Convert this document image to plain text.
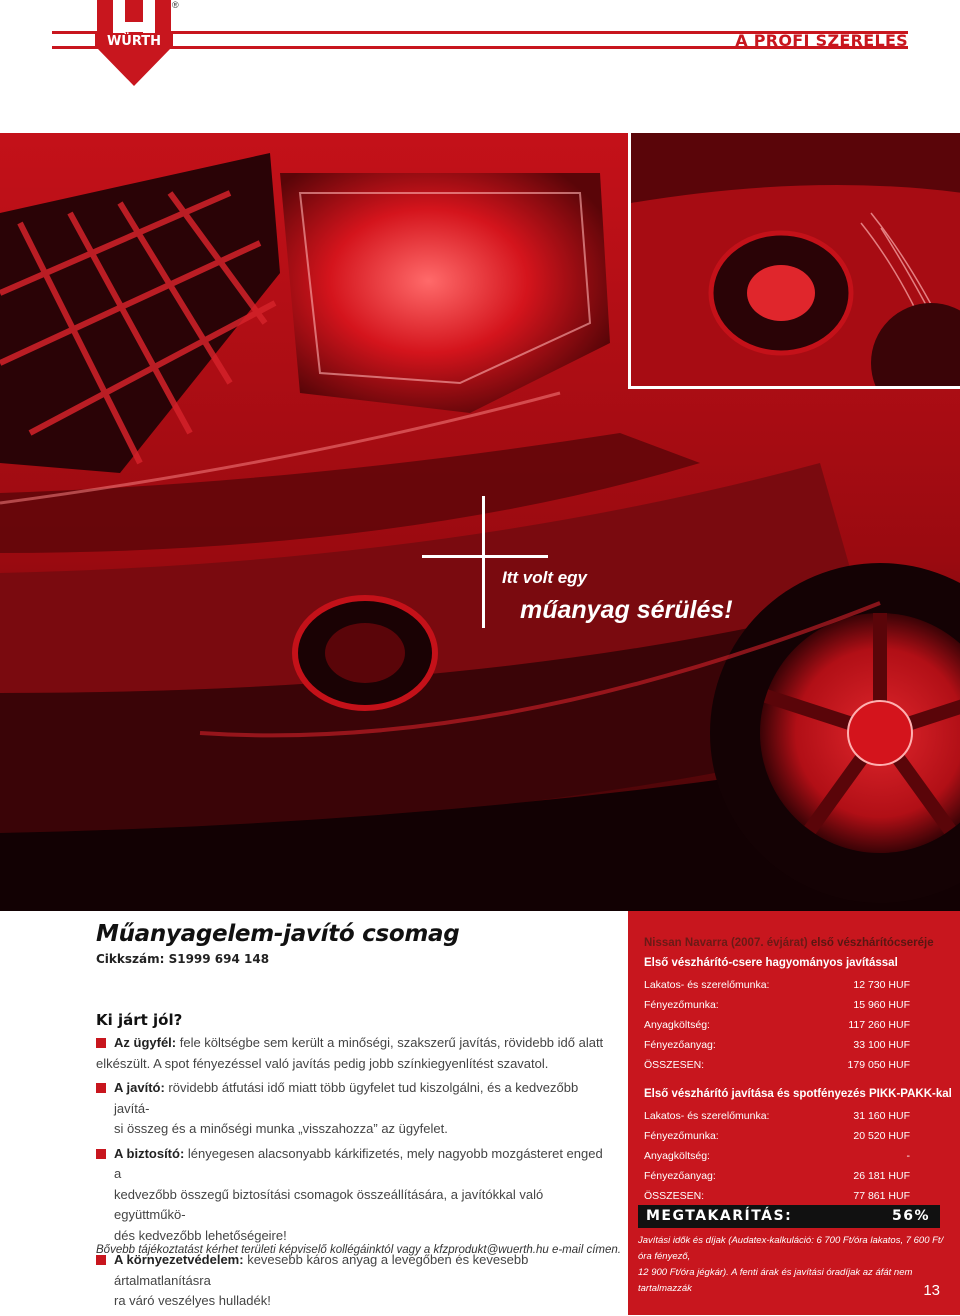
WÜRTH
®
A PROFI SZERELÉS
Itt volt egy
műanyag sérülés!
Műanyagelem-javító csomag
Cikkszám: S1999 694 148
Ki járt jól?
Az ügyfél: fele költségbe sem került a minőségi, szakszerű javítás, rövidebb idő alatt
elkészült. A spot fényezéssel való javítás pedig jobb színkiegyenlítést szavatol.
A javító: rövidebb átfutási idő miatt több ügyfelet tud kiszolgálni, és a kedvezőbb javítá-
si összeg és a minőségi munka „visszahozza” az ügyfelet.
A biztosító: lényegesen alacsonyabb kárkifizetés, mely nagyobb mozgásteret enged a
kedvezőbb összegű biztosítási csomagok összeállítására, a javítókkal való együttműkö-
dés kedvezőbb lehetőségeire!
A környezetvédelem: kevesebb káros anyag a levegőben és kevesebb ártalmatlanításra
ra váró veszélyes hulladék!
Bővebb tájékoztatást kérhet területi képviselő kollégáinktól vagy a kfzprodukt@wuerth.hu e-mail címen.
Nissan Navarra (2007. évjárat) első vészhárítócseréje
Első vészhárító-csere hagyományos javítással
Lakatos- és szerelőmunka:	12 730 HUF
Fényezőmunka:	15 960 HUF
Anyagköltség:	117 260 HUF
Fényezőanyag:	33 100 HUF
ÖSSZESEN:	179 050 HUF
Első vészhárító javítása és spotfényezés PIKK-PAKK-kal
Lakatos- és szerelőmunka:	31 160 HUF
Fényezőmunka:	20 520 HUF
Anyagköltség:	-
Fényezőanyag:	26 181 HUF
ÖSSZESEN:	77 861 HUF
MEGTAKARÍTÁS:	56%
Javítási idők és díjak (Audatex-kalkuláció: 6 700 Ft/óra lakatos, 7 600 Ft/óra fényező,
12 900 Ft/óra jégkár). A fenti árak és javítási óradíjak az áfát nem tartalmazzák	13
